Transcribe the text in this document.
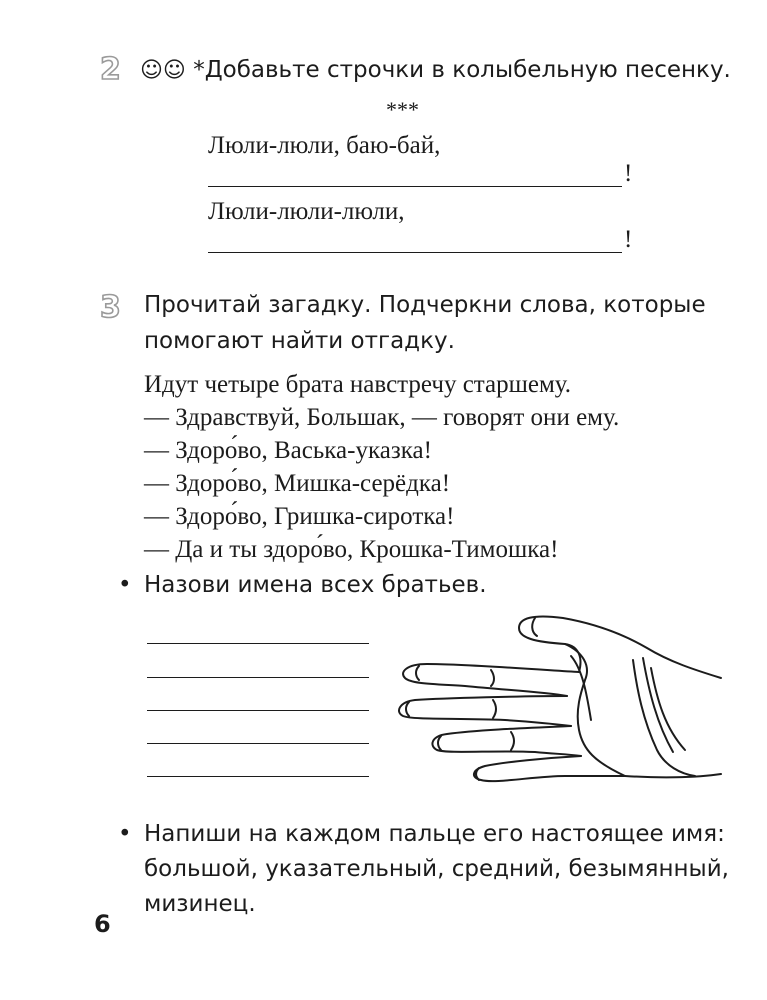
2 ☺☺ *Добавьте строчки в колыбельную песенку.
***
Люли-люли, баю-бай,
!
Люли-люли-люли,
!
3 Прочитай загадку. Подчеркни слова, которые
помогают найти отгадку.
Идут четыре брата навстречу старшему.
— Здравствуй, Большак, — говорят они ему.
— Здоро́во, Васька-указка!
— Здоро́во, Мишка-серёдка!
— Здоро́во, Гришка-сиротка!
— Да и ты здоро́во, Крошка-Тимошка!
• Назови имена всех братьев.
• Напиши на каждом пальце его настоящее имя:
большой, указательный, средний, безымянный,
мизинец.
6
